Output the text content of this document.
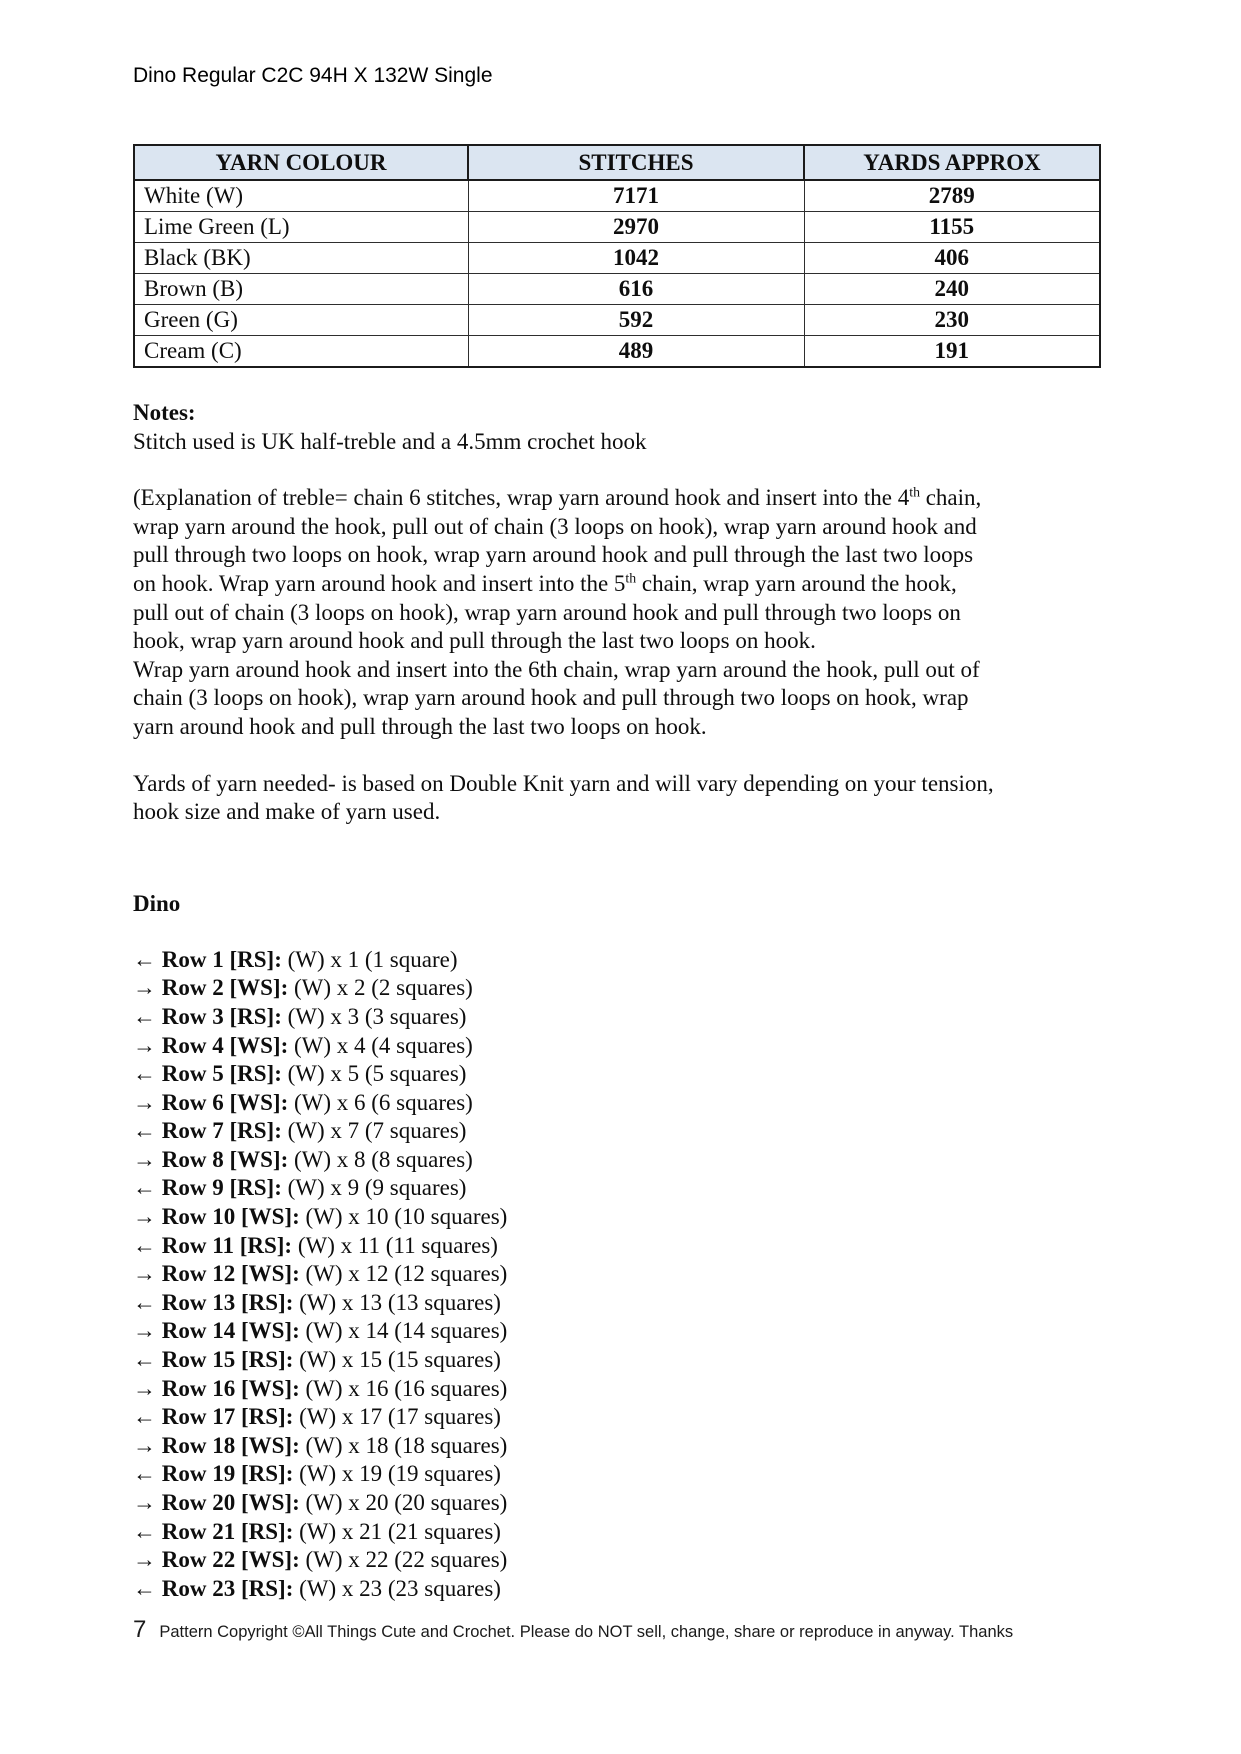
Dino Regular C2C 94H X 132W Single
YARN COLOUR	STITCHES	YARDS APPROX
White (W)	7171	2789
Lime Green (L)	2970	1155
Black (BK)	1042	406
Brown (B)	616	240
Green (G)	592	230
Cream (C)	489	191
Notes:
Stitch used is UK half-treble and a 4.5mm crochet hook
(Explanation of treble= chain 6 stitches, wrap yarn around hook and insert into the 4th chain,
wrap yarn around the hook, pull out of chain (3 loops on hook), wrap yarn around hook and
pull through two loops on hook, wrap yarn around hook and pull through the last two loops
on hook. Wrap yarn around hook and insert into the 5th chain, wrap yarn around the hook,
pull out of chain (3 loops on hook), wrap yarn around hook and pull through two loops on
hook, wrap yarn around hook and pull through the last two loops on hook.
Wrap yarn around hook and insert into the 6th chain, wrap yarn around the hook, pull out of
chain (3 loops on hook), wrap yarn around hook and pull through two loops on hook, wrap
yarn around hook and pull through the last two loops on hook.
Yards of yarn needed- is based on Double Knit yarn and will vary depending on your tension,
hook size and make of yarn used.
Dino
← Row 1 [RS]: (W) x 1 (1 square)
→ Row 2 [WS]: (W) x 2 (2 squares)
← Row 3 [RS]: (W) x 3 (3 squares)
→ Row 4 [WS]: (W) x 4 (4 squares)
← Row 5 [RS]: (W) x 5 (5 squares)
→ Row 6 [WS]: (W) x 6 (6 squares)
← Row 7 [RS]: (W) x 7 (7 squares)
→ Row 8 [WS]: (W) x 8 (8 squares)
← Row 9 [RS]: (W) x 9 (9 squares)
→ Row 10 [WS]: (W) x 10 (10 squares)
← Row 11 [RS]: (W) x 11 (11 squares)
→ Row 12 [WS]: (W) x 12 (12 squares)
← Row 13 [RS]: (W) x 13 (13 squares)
→ Row 14 [WS]: (W) x 14 (14 squares)
← Row 15 [RS]: (W) x 15 (15 squares)
→ Row 16 [WS]: (W) x 16 (16 squares)
← Row 17 [RS]: (W) x 17 (17 squares)
→ Row 18 [WS]: (W) x 18 (18 squares)
← Row 19 [RS]: (W) x 19 (19 squares)
→ Row 20 [WS]: (W) x 20 (20 squares)
← Row 21 [RS]: (W) x 21 (21 squares)
→ Row 22 [WS]: (W) x 22 (22 squares)
← Row 23 [RS]: (W) x 23 (23 squares)
7 Pattern Copyright ©All Things Cute and Crochet. Please do NOT sell, change, share or reproduce in anyway. Thanks
